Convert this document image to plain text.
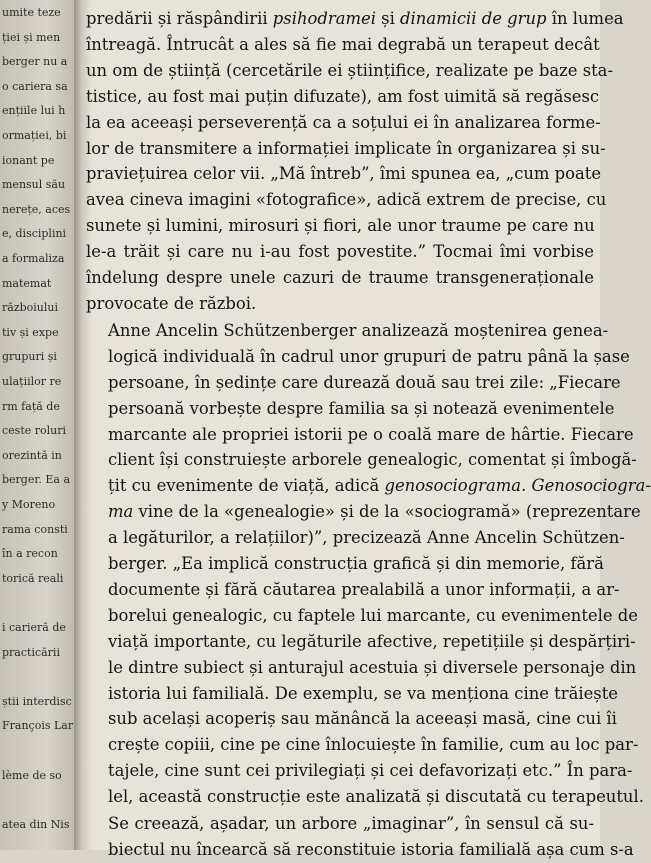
umite teze
ției și men
berger nu a
o cariera sa
ențiile lui h
ormației, bi
ionant pe
mensul său
nerețe, aces
e, disciplini
a formaliza
matemat
războiului
tiv și expe
grupuri și
ulațiilor re
rm față de
ceste roluri
orezintă in
berger. Ea a
y Moreno
rama consti
în a recon
torică reali
i carieră de
practicării
știi interdisc
François Lar
lème de so
atea din Nis

predării și răspândirii psihodramei și dinamicii de grup în lumea
întreagă. Întrucât a ales să fie mai degrabă un terapeut decât
un om de știință (cercetările ei științifice, realizate pe baze sta-
tistice, au fost mai puțin difuzate), am fost uimită să regăsesc
la ea aceeași perseverență ca a soțului ei în analizarea forme-
lor de transmitere a informației implicate în organizarea și su-
praviețuirea celor vii. „Mă întreb”, îmi spunea ea, „cum poate
avea cineva imagini «fotografice», adică extrem de precise, cu
sunete și lumini, mirosuri și fiori, ale unor traume pe care nu
le-a trăit și care nu i-au fost povestite.” Tocmai îmi vorbise
îndelung despre unele cazuri de traume transgeneraționale
provocate de război.

Anne Ancelin Schützenberger analizează moștenirea genea-
logică individuală în cadrul unor grupuri de patru până la șase
persoane, în ședințe care durează două sau trei zile: „Fiecare
persoană vorbește despre familia sa și notează evenimentele
marcante ale propriei istorii pe o coală mare de hârtie. Fiecare
client își construiește arborele genealogic, comentat și îmbogă-
țit cu evenimente de viață, adică genosociograma. Genosociogra-
ma vine de la «genealogie» și de la «sociogramă» (reprezentare
a legăturilor, a relațiilor)”, precizează Anne Ancelin Schützen-
berger. „Ea implică construcția grafică și din memorie, fără
documente și fără căutarea prealabilă a unor informații, a ar-
borelui genealogic, cu faptele lui marcante, cu evenimentele de
viață importante, cu legăturile afective, repetițiile și despărțiri-
le dintre subiect și anturajul acestuia și diversele personaje din
istoria lui familială. De exemplu, se va menționa cine trăiește
sub același acoperiș sau mănâncă la aceeași masă, cine cui îi
crește copiii, cine pe cine înlocuiește în familie, cum au loc par-
tajele, cine sunt cei privilegiați și cei defavorizați etc.” În para-
lel, această construcție este analizată și discutată cu terapeutul.

Se creează, așadar, un arbore „imaginar”, în sensul că su-
biectul nu încearcă să reconstituie istoria familială așa cum s-a
